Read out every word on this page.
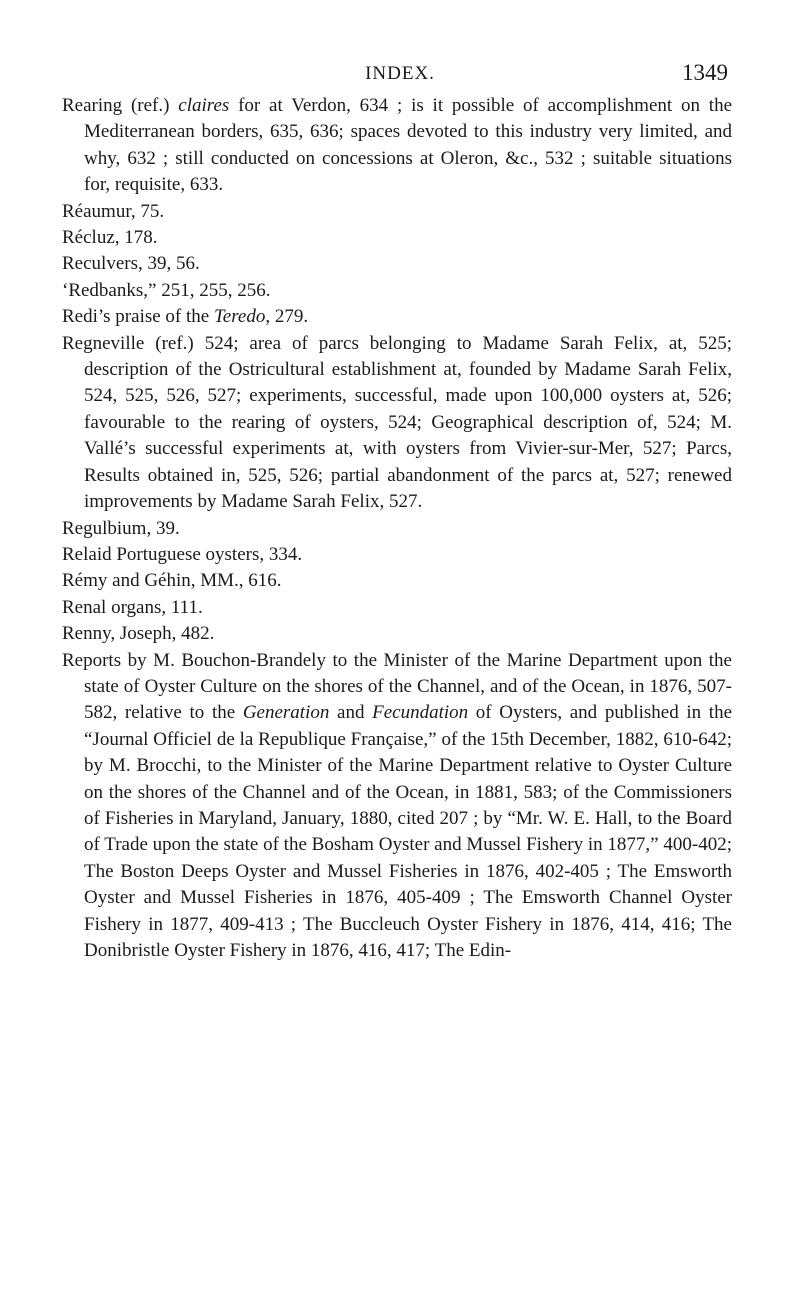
INDEX.	1349

Rearing (ref.) claires for at Verdon, 634 ; is it possible of accomplishment on the Mediterranean borders, 635, 636; spaces devoted to this industry very limited, and why, 632 ; still conducted on concessions at Oleron, &c., 532 ; suitable situations for, requisite, 633.

Réaumur, 75.

Récluz, 178.

Reculvers, 39, 56.

‘Redbanks,” 251, 255, 256.

Redi’s praise of the Teredo, 279.

Regneville (ref.) 524; area of parcs belonging to Madame Sarah Felix, at, 525; description of the Ostricultural establishment at, founded by Madame Sarah Felix, 524, 525, 526, 527; experiments, successful, made upon 100,000 oysters at, 526; favourable to the rearing of oysters, 524; Geographical description of, 524; M. Vallé’s successful experiments at, with oysters from Vivier-sur-Mer, 527; Parcs, Results obtained in, 525, 526; partial abandonment of the parcs at, 527; renewed improvements by Madame Sarah Felix, 527.

Regulbium, 39.

Relaid Portuguese oysters, 334.

Rémy and Géhin, MM., 616.

Renal organs, 111.

Renny, Joseph, 482.

Reports by M. Bouchon-Brandely to the Minister of the Marine Department upon the state of Oyster Culture on the shores of the Channel, and of the Ocean, in 1876, 507-582, relative to the Generation and Fecundation of Oysters, and published in the “Journal Officiel de la Republique Française,” of the 15th December, 1882, 610-642; by M. Brocchi, to the Minister of the Marine Department relative to Oyster Culture on the shores of the Channel and of the Ocean, in 1881, 583; of the Commissioners of Fisheries in Maryland, January, 1880, cited 207 ; by “Mr. W. E. Hall, to the Board of Trade upon the state of the Bosham Oyster and Mussel Fishery in 1877,” 400-402; The Boston Deeps Oyster and Mussel Fisheries in 1876, 402-405 ; The Emsworth Oyster and Mussel Fisheries in 1876, 405-409 ; The Emsworth Channel Oyster Fishery in 1877, 409-413 ; The Buccleuch Oyster Fishery in 1876, 414, 416; The Donibristle Oyster Fishery in 1876, 416, 417; The Edin-
